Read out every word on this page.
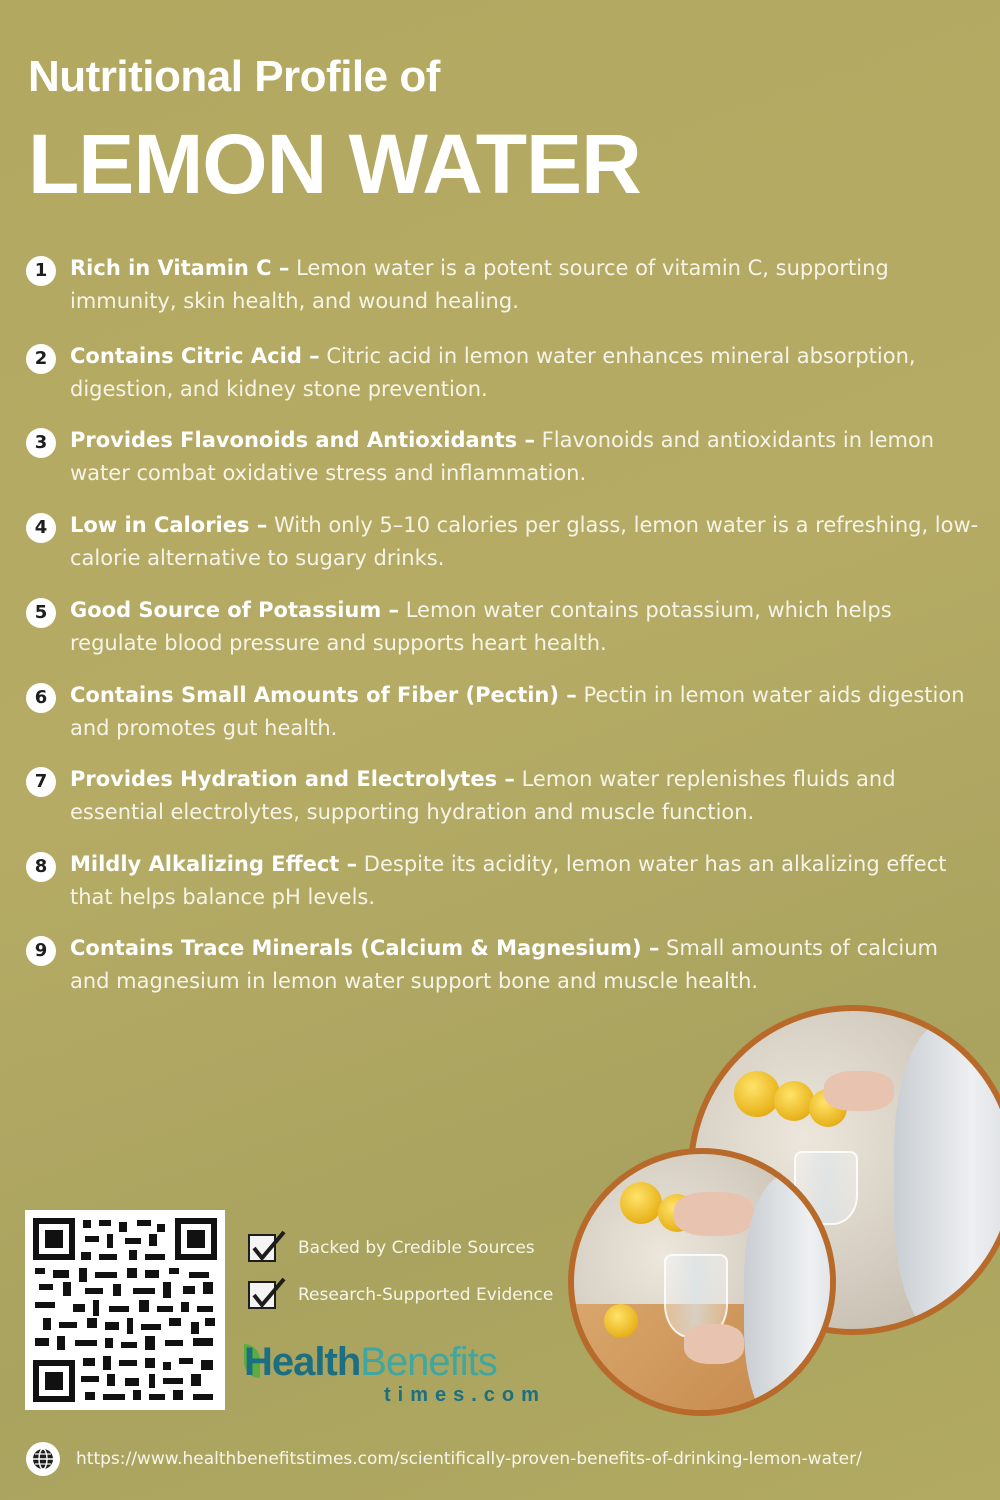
Nutritional Profile of
LEMON WATER
1	Rich in Vitamin C – Lemon water is a potent source of vitamin C, supporting immunity, skin health, and wound healing.
2	Contains Citric Acid – Citric acid in lemon water enhances mineral absorption, digestion, and kidney stone prevention.
3	Provides Flavonoids and Antioxidants – Flavonoids and antioxidants in lemon water combat oxidative stress and inflammation.
4	Low in Calories – With only 5–10 calories per glass, lemon water is a refreshing, low-calorie alternative to sugary drinks.
5	Good Source of Potassium – Lemon water contains potassium, which helps regulate blood pressure and supports heart health.
6	Contains Small Amounts of Fiber (Pectin) – Pectin in lemon water aids digestion and promotes gut health.
7	Provides Hydration and Electrolytes – Lemon water replenishes fluids and essential electrolytes, supporting hydration and muscle function.
8	Mildly Alkalizing Effect – Despite its acidity, lemon water has an alkalizing effect that helps balance pH levels.
9	Contains Trace Minerals (Calcium & Magnesium) – Small amounts of calcium and magnesium in lemon water support bone and muscle health.
Backed by Credible Sources
Research-Supported Evidence
HealthBenefits
times.com
https://www.healthbenefitstimes.com/scientifically-proven-benefits-of-drinking-lemon-water/
